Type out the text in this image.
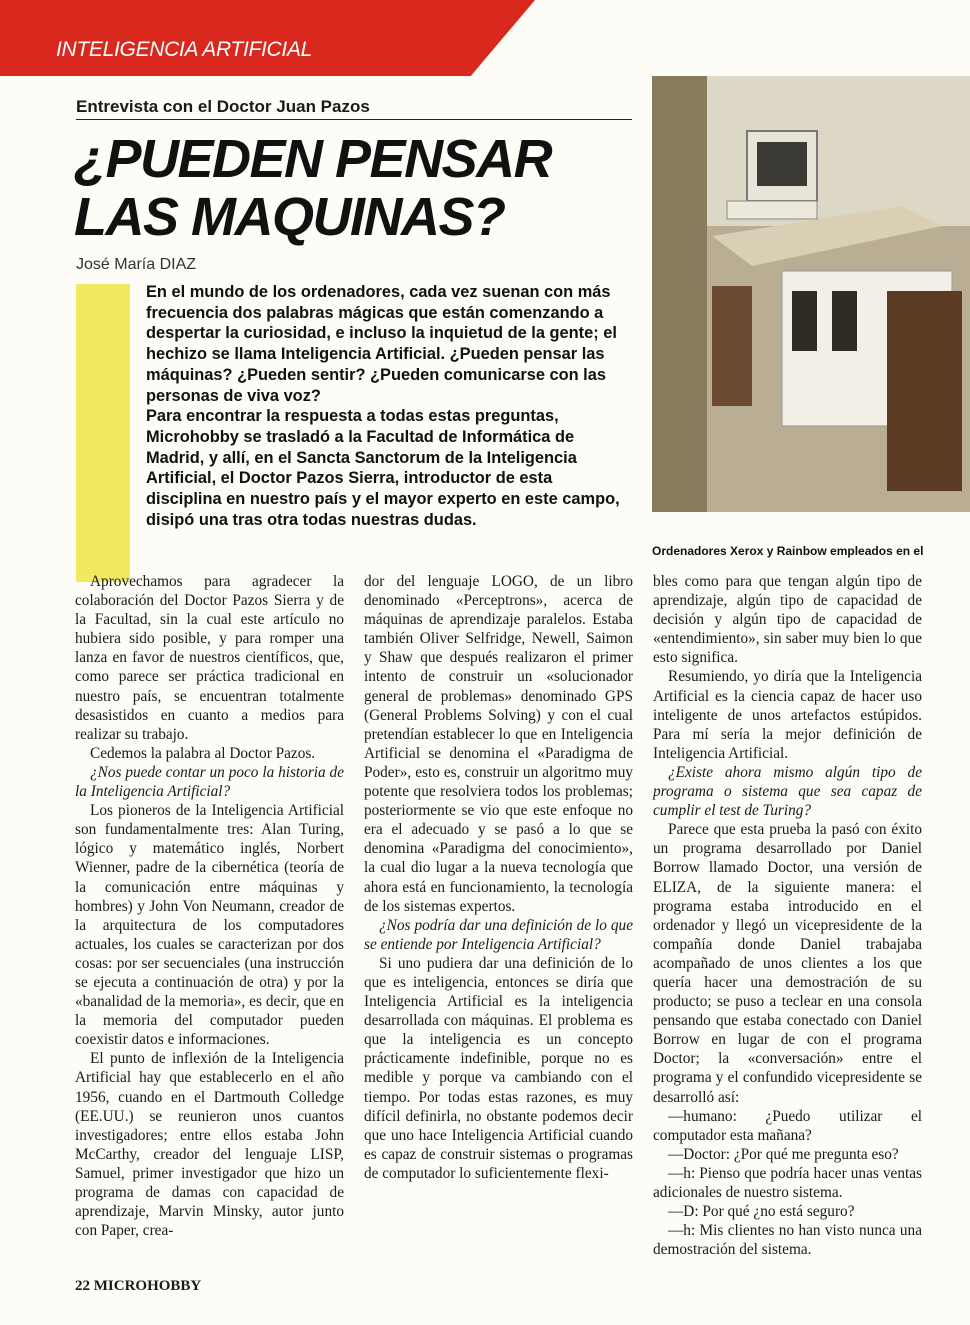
INTELIGENCIA ARTIFICIAL
Entrevista con el Doctor Juan Pazos
¿PUEDEN PENSAR LAS MAQUINAS?
José María DIAZ

En el mundo de los ordenadores, cada vez suenan con más frecuencia dos palabras mágicas que están comenzando a despertar la curiosidad, e incluso la inquietud de la gente; el hechizo se llama Inteligencia Artificial. ¿Pueden pensar las máquinas? ¿Pueden sentir? ¿Pueden comunicarse con las personas de viva voz?

Para encontrar la respuesta a todas estas preguntas, Microhobby se trasladó a la Facultad de Informática de Madrid, y allí, en el Sancta Sanctorum de la Inteligencia Artificial, el Doctor Pazos Sierra, introductor de esta disciplina en nuestro país y el mayor experto en este campo, disipó una tras otra todas nuestras dudas.

Ordenadores Xerox y Rainbow empleados en el

Aprovechamos para agradecer la colaboración del Doctor Pazos Sierra y de la Facultad, sin la cual este artículo no hubiera sido posible, y para romper una lanza en favor de nuestros científicos, que, como parece ser práctica tradicional en nuestro país, se encuentran totalmente desasistidos en cuanto a medios para realizar su trabajo.

Cedemos la palabra al Doctor Pazos.

¿Nos puede contar un poco la historia de la Inteligencia Artificial?

Los pioneros de la Inteligencia Artificial son fundamentalmente tres: Alan Turing, lógico y matemático inglés, Norbert Wienner, padre de la cibernética (teoría de la comunicación entre máquinas y hombres) y John Von Neumann, creador de la arquitectura de los computadores actuales, los cuales se caracterizan por dos cosas: por ser secuenciales (una instrucción se ejecuta a continuación de otra) y por la «banalidad de la memoria», es decir, que en la memoria del computador pueden coexistir datos e informaciones.

El punto de inflexión de la Inteligencia Artificial hay que establecerlo en el año 1956, cuando en el Dartmouth Colledge (EE.UU.) se reunieron unos cuantos investigadores; entre ellos estaba John McCarthy, creador del lenguaje LISP, Samuel, primer investigador que hizo un programa de damas con capacidad de aprendizaje, Marvin Minsky, autor junto con Paper, crea-

dor del lenguaje LOGO, de un libro denominado «Perceptrons», acerca de máquinas de aprendizaje paralelos. Estaba también Oliver Selfridge, Newell, Saimon y Shaw que después realizaron el primer intento de construir un «solucionador general de problemas» denominado GPS (General Problems Solving) y con el cual pretendían establecer lo que en Inteligencia Artificial se denomina el «Paradigma de Poder», esto es, construir un algoritmo muy potente que resolviera todos los problemas; posteriormente se vio que este enfoque no era el adecuado y se pasó a lo que se denomina «Paradigma del conocimiento», la cual dio lugar a la nueva tecnología que ahora está en funcionamiento, la tecnología de los sistemas expertos.

¿Nos podría dar una definición de lo que se entiende por Inteligencia Artificial?

Si uno pudiera dar una definición de lo que es inteligencia, entonces se diría que Inteligencia Artificial es la inteligencia desarrollada con máquinas. El problema es que la inteligencia es un concepto prácticamente indefinible, porque no es medible y porque va cambiando con el tiempo. Por todas estas razones, es muy difícil definirla, no obstante podemos decir que uno hace Inteligencia Artificial cuando es capaz de construir sistemas o programas de computador lo suficientemente flexi-

bles como para que tengan algún tipo de aprendizaje, algún tipo de capacidad de decisión y algún tipo de capacidad de «entendimiento», sin saber muy bien lo que esto significa.

Resumiendo, yo diría que la Inteligencia Artificial es la ciencia capaz de hacer uso inteligente de unos artefactos estúpidos. Para mí sería la mejor definición de Inteligencia Artificial.

¿Existe ahora mismo algún tipo de programa o sistema que sea capaz de cumplir el test de Turing?

Parece que esta prueba la pasó con éxito un programa desarrollado por Daniel Borrow llamado Doctor, una versión de ELIZA, de la siguiente manera: el programa estaba introducido en el ordenador y llegó un vicepresidente de la compañía donde Daniel trabajaba acompañado de unos clientes a los que quería hacer una demostración de su producto; se puso a teclear en una consola pensando que estaba conectado con Daniel Borrow en lugar de con el programa Doctor; la «conversación» entre el programa y el confundido vicepresidente se desarrolló así:

—humano: ¿Puedo utilizar el computador esta mañana?

—Doctor: ¿Por qué me pregunta eso?

—h: Pienso que podría hacer unas ventas adicionales de nuestro sistema.

—D: Por qué ¿no está seguro?

—h: Mis clientes no han visto nunca una demostración del sistema.

22 MICROHOBBY
